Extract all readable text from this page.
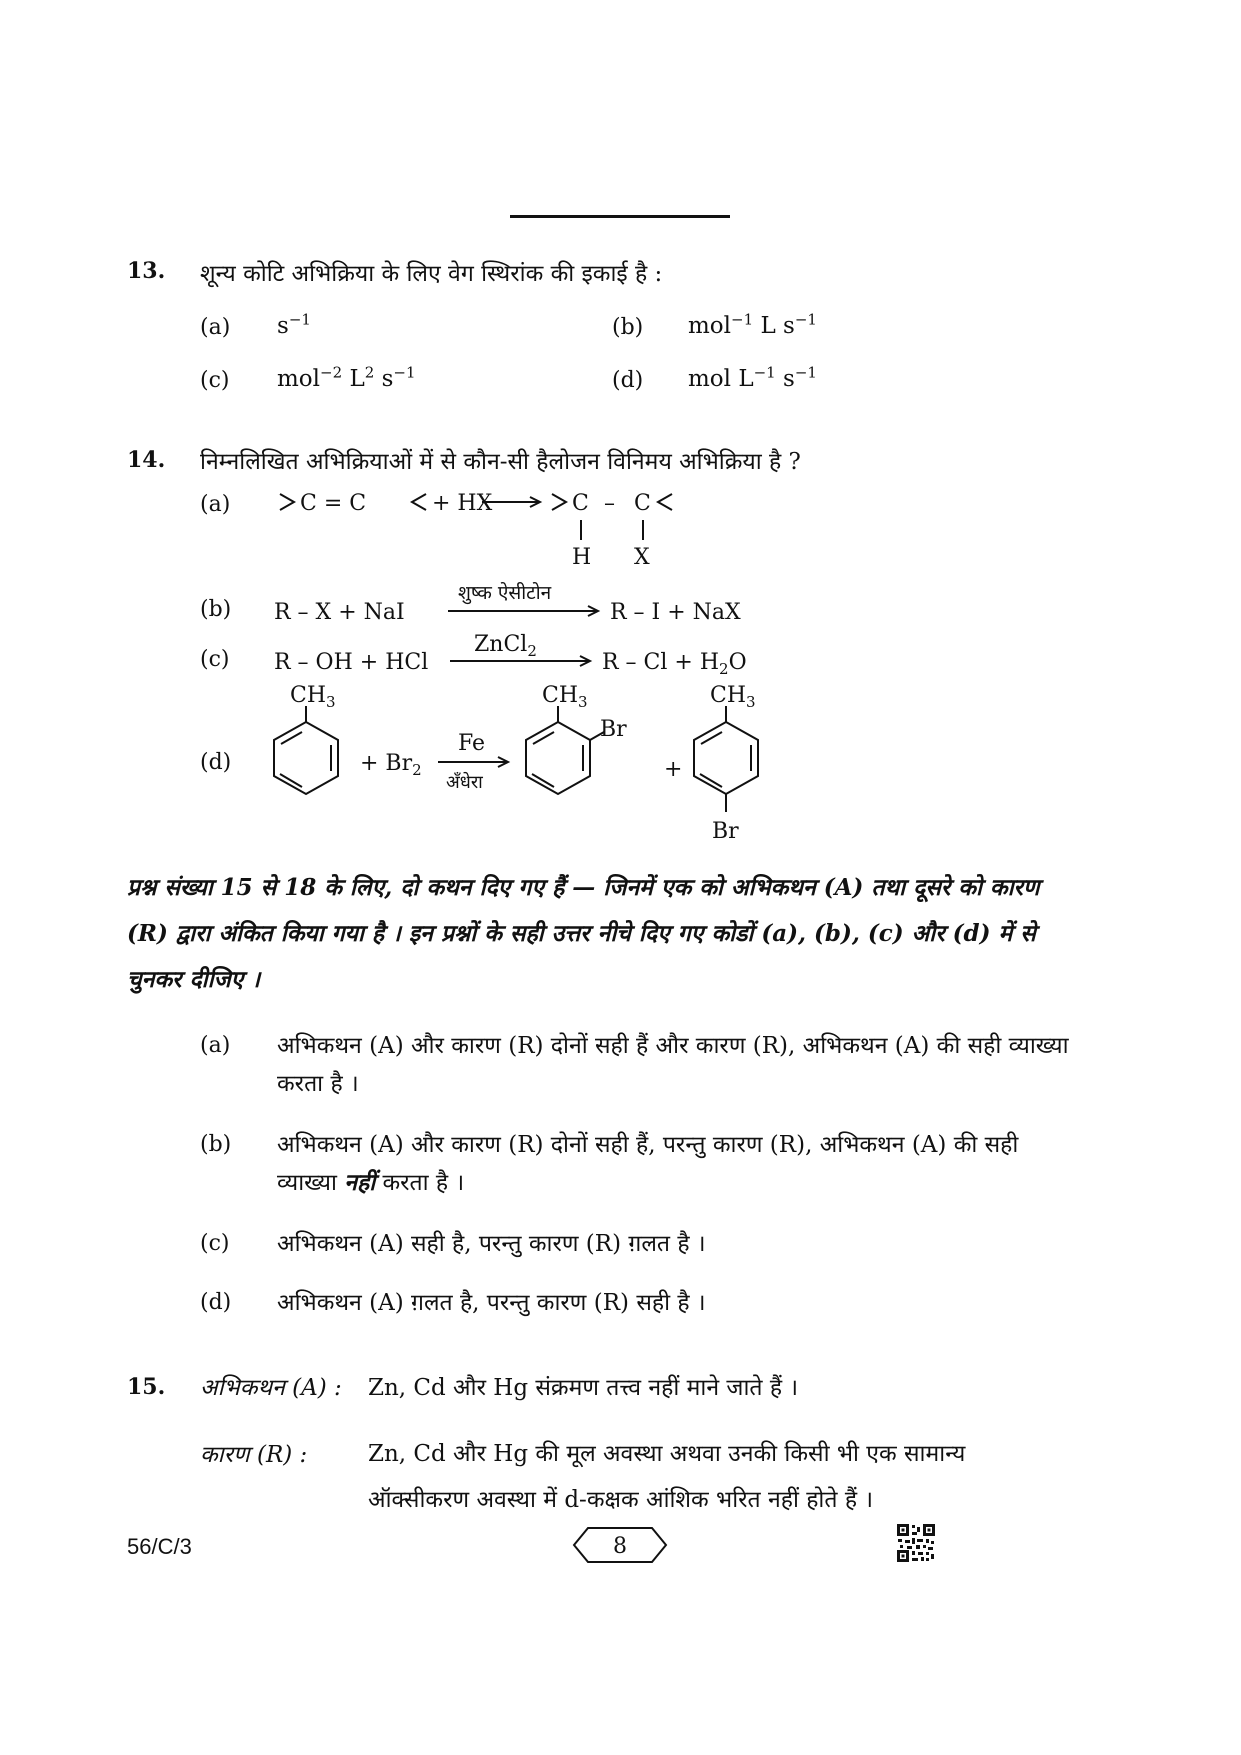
13. शून्य कोटि अभिक्रिया के लिए वेग स्थिरांक की इकाई है :
(a) $s^{-1}$	(b) mol$^{-1}$ L $s^{-1}$
(c) mol$^{-2}$ $L^2$ $s^{-1}$	(d) mol $L^{-1}$ $s^{-1}$
14. निम्नलिखित अभिक्रियाओं में से कौन-सी हैलोजन विनिमय अभिक्रिया है ?
(a)	C = C	+ HX	C – C
H X
(b) R – X + NaI
शुष्क ऐसीटोन
R – I + NaX
(c) R – OH + HCl
ZnCl$_2$	$R - Cl + H_2O$
(d)
$CH_3$
+ $Br_2$
Fe
अँधेरा
$CH_3$
Br
+
$CH_3$
Br
प्रश्न संख्या 15 से 18 के लिए, दो कथन दिए गए हैं — जिनमें एक को अभिकथन (A) तथा दूसरे को कारण (R) द्वारा अंकित किया गया है । इन प्रश्नों के सही उत्तर नीचे दिए गए कोडों (a), (b), (c) और (d) में से चुनकर दीजिए ।
(a) अभिकथन (A) और कारण (R) दोनों सही हैं और कारण (R), अभिकथन (A) की सही व्याख्या करता है ।
(b) अभिकथन (A) और कारण (R) दोनों सही हैं, परन्तु कारण (R), अभिकथन (A) की सही व्याख्या नहीं करता है ।
(c) अभिकथन (A) सही है, परन्तु कारण (R) ग़लत है ।
(d) अभिकथन (A) ग़लत है, परन्तु कारण (R) सही है ।
15. अभिकथन (A) : Zn, Cd और Hg संक्रमण तत्त्व नहीं माने जाते हैं ।
कारण (R) :	Zn, Cd और Hg की मूल अवस्था अथवा उनकी किसी भी एक सामान्य ऑक्सीकरण अवस्था में d-कक्षक आंशिक भरित नहीं होते हैं ।
56/C/3	8
